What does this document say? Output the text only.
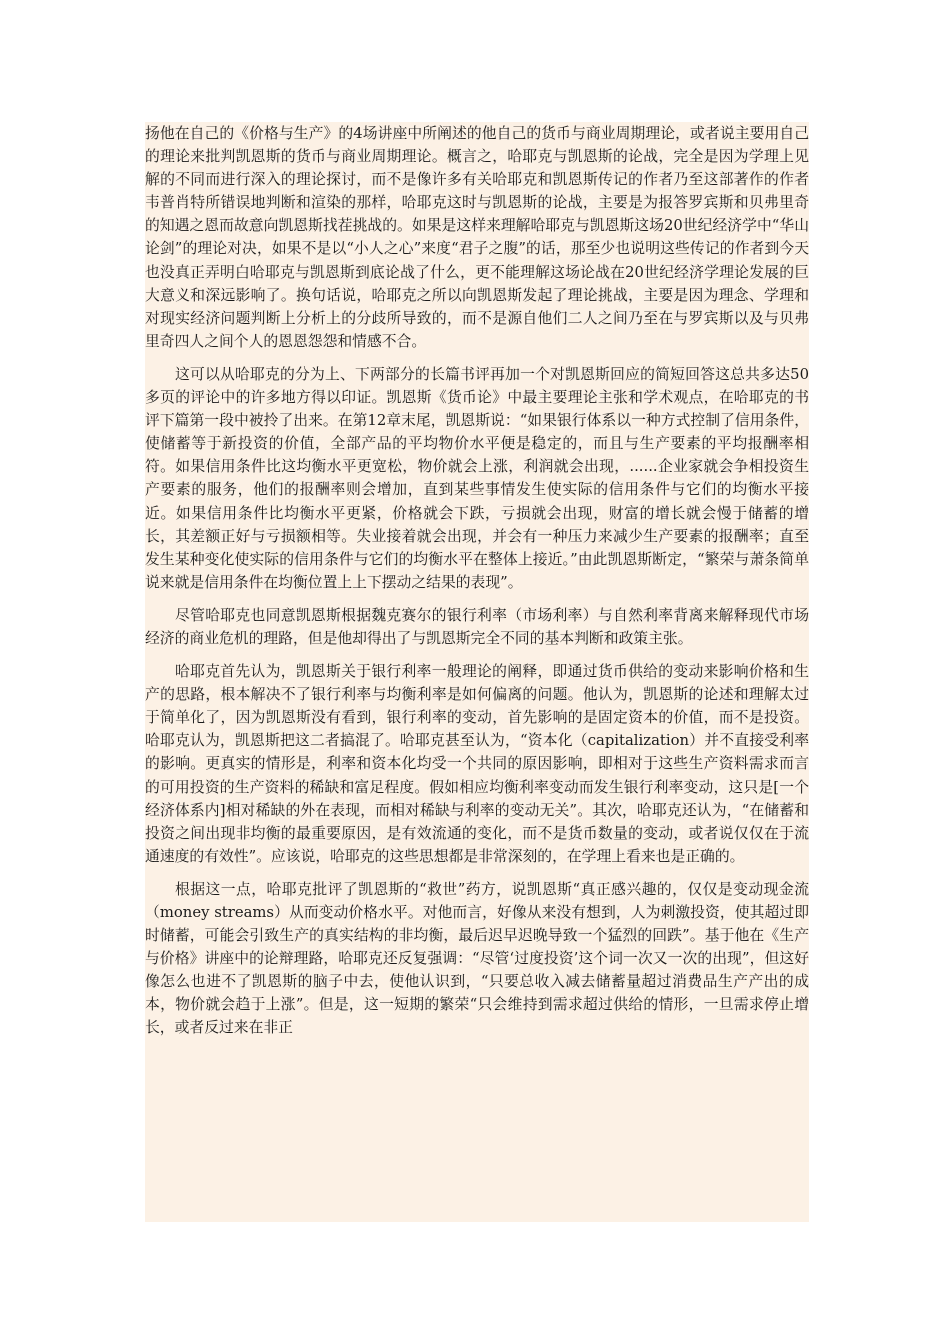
扬他在自己的《价格与生产》的4场讲座中所阐述的他自己的货币与商业周期理论，或者说主要用自己的理论来批判凯恩斯的货币与商业周期理论。概言之，哈耶克与凯恩斯的论战，完全是因为学理上见解的不同而进行深入的理论探讨，而不是像许多有关哈耶克和凯恩斯传记的作者乃至这部著作的作者韦普肖特所错误地判断和渲染的那样，哈耶克这时与凯恩斯的论战，主要是为报答罗宾斯和贝弗里奇的知遇之恩而故意向凯恩斯找茬挑战的。如果是这样来理解哈耶克与凯恩斯这场20世纪经济学中“华山论剑”的理论对决，如果不是以“小人之心”来度“君子之腹”的话，那至少也说明这些传记的作者到今天也没真正弄明白哈耶克与凯恩斯到底论战了什么，更不能理解这场论战在20世纪经济学理论发展的巨大意义和深远影响了。换句话说，哈耶克之所以向凯恩斯发起了理论挑战，主要是因为理念、学理和对现实经济问题判断上分析上的分歧所导致的，而不是源自他们二人之间乃至在与罗宾斯以及与贝弗里奇四人之间个人的恩恩怨怨和情感不合。

这可以从哈耶克的分为上、下两部分的长篇书评再加一个对凯恩斯回应的简短回答这总共多达50多页的评论中的许多地方得以印证。凯恩斯《货币论》中最主要理论主张和学术观点，在哈耶克的书评下篇第一段中被拎了出来。在第12章末尾，凯恩斯说：“如果银行体系以一种方式控制了信用条件，使储蓄等于新投资的价值，全部产品的平均物价水平便是稳定的，而且与生产要素的平均报酬率相符。如果信用条件比这均衡水平更宽松，物价就会上涨，利润就会出现，......企业家就会争相投资生产要素的服务，他们的报酬率则会增加，直到某些事情发生使实际的信用条件与它们的均衡水平接近。如果信用条件比均衡水平更紧，价格就会下跌，亏损就会出现，财富的增长就会慢于储蓄的增长，其差额正好与亏损额相等。失业接着就会出现，并会有一种压力来减少生产要素的报酬率；直至发生某种变化使实际的信用条件与它们的均衡水平在整体上接近。”由此凯恩斯断定，“繁荣与萧条简单说来就是信用条件在均衡位置上上下摆动之结果的表现”。

尽管哈耶克也同意凯恩斯根据魏克赛尔的银行利率（市场利率）与自然利率背离来解释现代市场经济的商业危机的理路，但是他却得出了与凯恩斯完全不同的基本判断和政策主张。

哈耶克首先认为，凯恩斯关于银行利率一般理论的阐释，即通过货币供给的变动来影响价格和生产的思路，根本解决不了银行利率与均衡利率是如何偏离的问题。他认为，凯恩斯的论述和理解太过于简单化了，因为凯恩斯没有看到，银行利率的变动，首先影响的是固定资本的价值，而不是投资。哈耶克认为，凯恩斯把这二者搞混了。哈耶克甚至认为，“资本化（capitalization）并不直接受利率的影响。更真实的情形是，利率和资本化均受一个共同的原因影响，即相对于这些生产资料需求而言的可用投资的生产资料的稀缺和富足程度。假如相应均衡利率变动而发生银行利率变动，这只是[一个经济体系内]相对稀缺的外在表现，而相对稀缺与利率的变动无关”。其次，哈耶克还认为，“在储蓄和投资之间出现非均衡的最重要原因，是有效流通的变化，而不是货币数量的变动，或者说仅仅在于流通速度的有效性”。应该说，哈耶克的这些思想都是非常深刻的，在学理上看来也是正确的。

根据这一点，哈耶克批评了凯恩斯的“救世”药方，说凯恩斯“真正感兴趣的，仅仅是变动现金流（money streams）从而变动价格水平。对他而言，好像从来没有想到，人为刺激投资，使其超过即时储蓄，可能会引致生产的真实结构的非均衡，最后迟早迟晚导致一个猛烈的回跌”。基于他在《生产与价格》讲座中的论辩理路，哈耶克还反复强调：“尽管‘过度投资’这个词一次又一次的出现”，但这好像怎么也进不了凯恩斯的脑子中去，使他认识到，“只要总收入减去储蓄量超过消费品生产产出的成本，物价就会趋于上涨”。但是，这一短期的繁荣“只会维持到需求超过供给的情形，一旦需求停止增长，或者反过来在非正
